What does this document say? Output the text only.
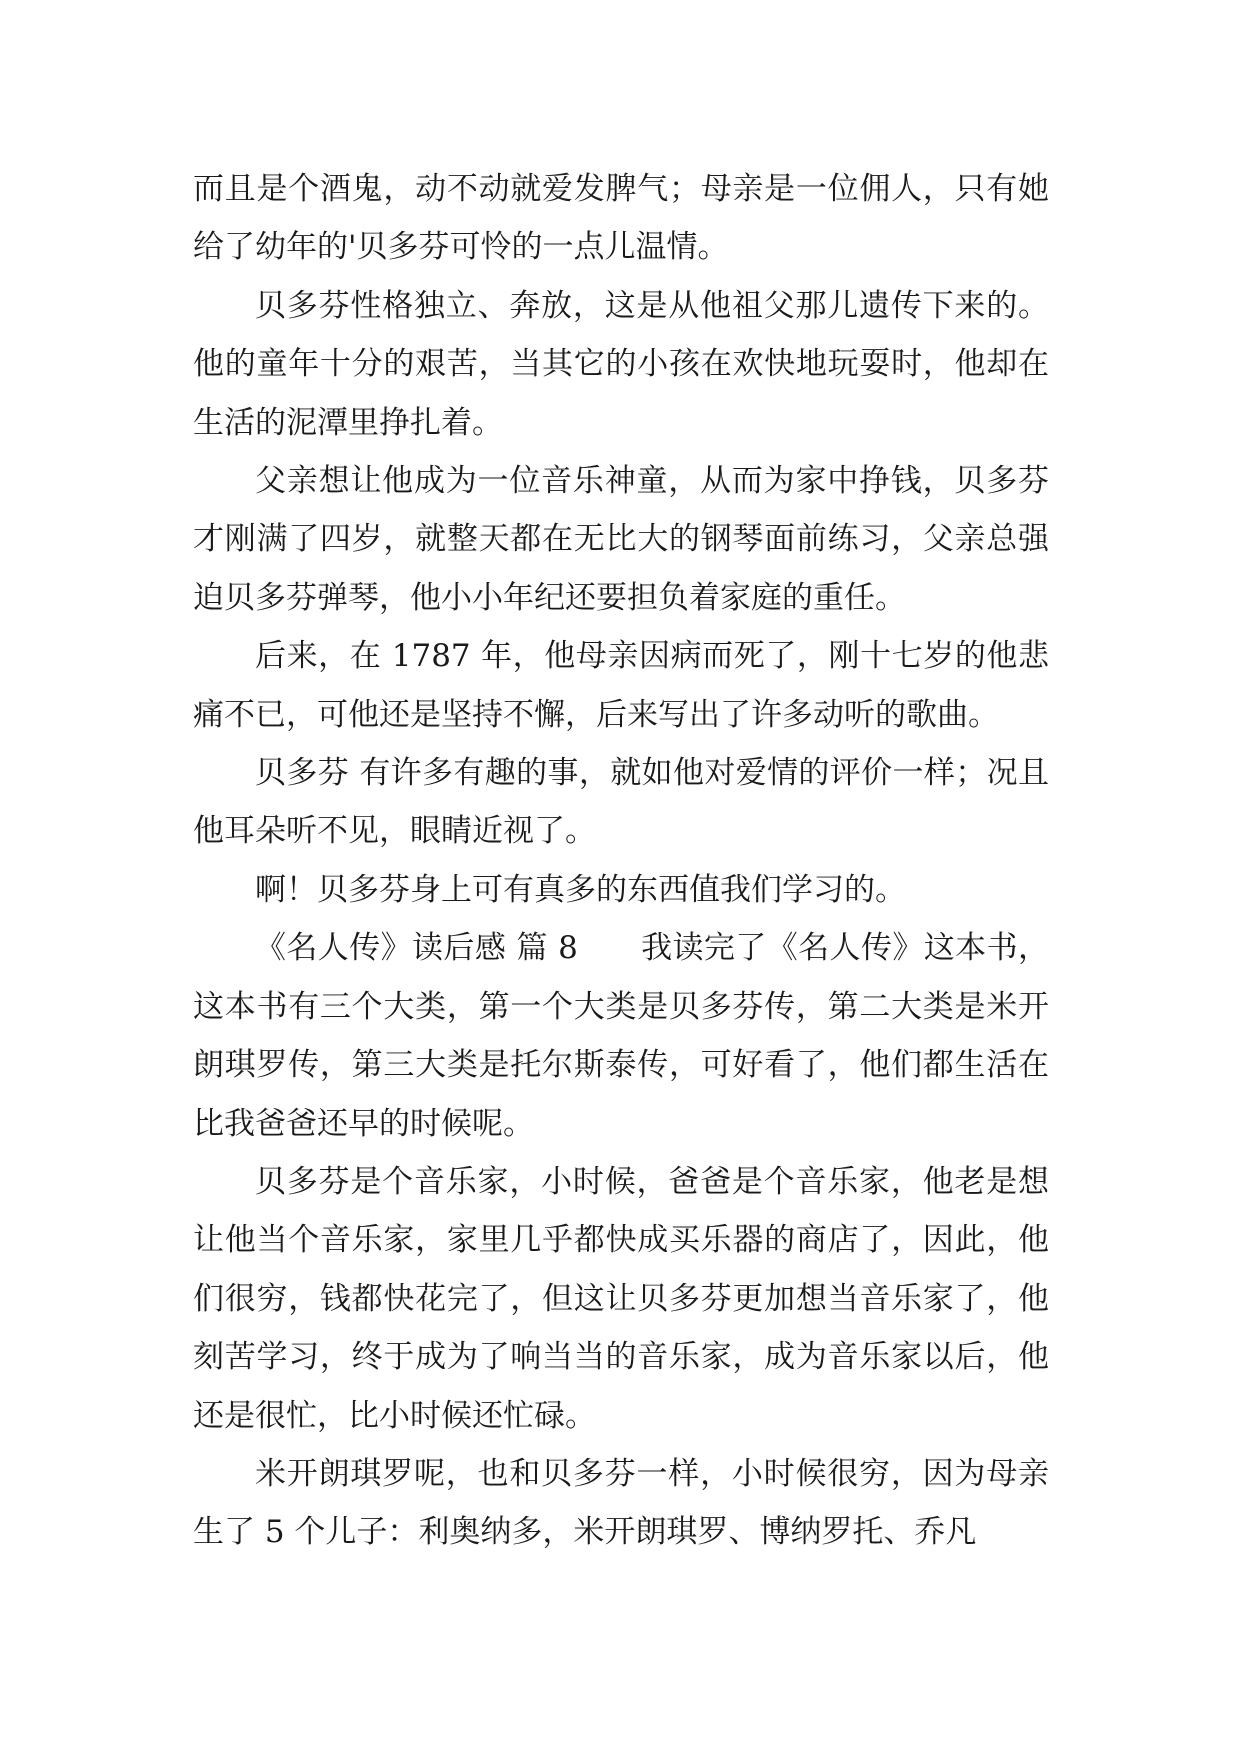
而且是个酒鬼，动不动就爱发脾气；母亲是一位佣人，只有她给了幼年的'贝多芬可怜的一点儿温情。

贝多芬性格独立、奔放，这是从他祖父那儿遗传下来的。他的童年十分的艰苦，当其它的小孩在欢快地玩耍时，他却在生活的泥潭里挣扎着。

父亲想让他成为一位音乐神童，从而为家中挣钱，贝多芬才刚满了四岁，就整天都在无比大的钢琴面前练习，父亲总强迫贝多芬弹琴，他小小年纪还要担负着家庭的重任。

后来，在 1787 年，他母亲因病而死了，刚十七岁的他悲痛不已，可他还是坚持不懈，后来写出了许多动听的歌曲。

贝多芬 有许多有趣的事，就如他对爱情的评价一样；况且他耳朵听不见，眼睛近视了。

啊！贝多芬身上可有真多的东西值我们学习的。

《名人传》读后感 篇 8　　我读完了《名人传》这本书，这本书有三个大类，第一个大类是贝多芬传，第二大类是米开朗琪罗传，第三大类是托尔斯泰传，可好看了，他们都生活在比我爸爸还早的时候呢。

贝多芬是个音乐家，小时候，爸爸是个音乐家，他老是想让他当个音乐家，家里几乎都快成买乐器的商店了，因此，他们很穷，钱都快花完了，但这让贝多芬更加想当音乐家了，他刻苦学习，终于成为了响当当的音乐家，成为音乐家以后，他还是很忙，比小时候还忙碌。

米开朗琪罗呢，也和贝多芬一样，小时候很穷，因为母亲生了 5 个儿子：利奥纳多，米开朗琪罗、博纳罗托、乔凡
